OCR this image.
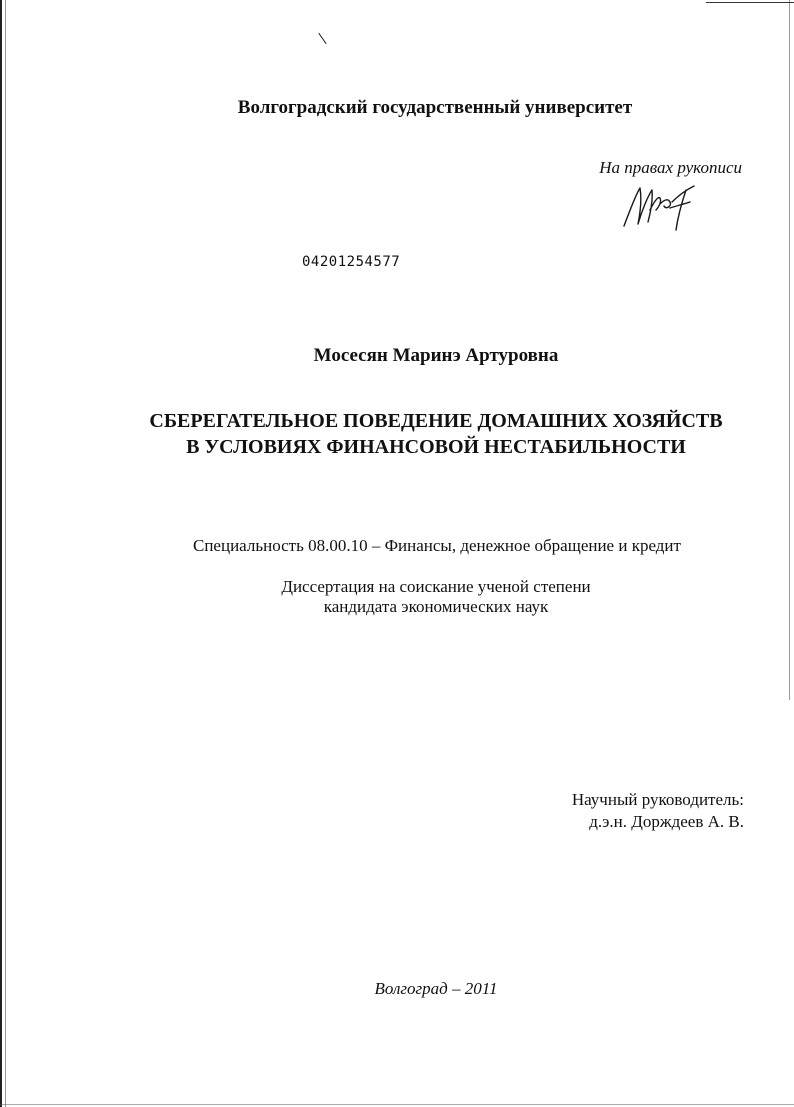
Волгоградский государственный университет
На правах рукописи
04201254577
Мосесян Маринэ Артуровна
СБЕРЕГАТЕЛЬНОЕ ПОВЕДЕНИЕ ДОМАШНИХ ХОЗЯЙСТВ
В УСЛОВИЯХ ФИНАНСОВОЙ НЕСТАБИЛЬНОСТИ
Специальность 08.00.10 – Финансы, денежное обращение и кредит
Диссертация на соискание ученой степени
кандидата экономических наук
Научный руководитель:
д.э.н. Дорждеев А. В.
Волгоград – 2011
